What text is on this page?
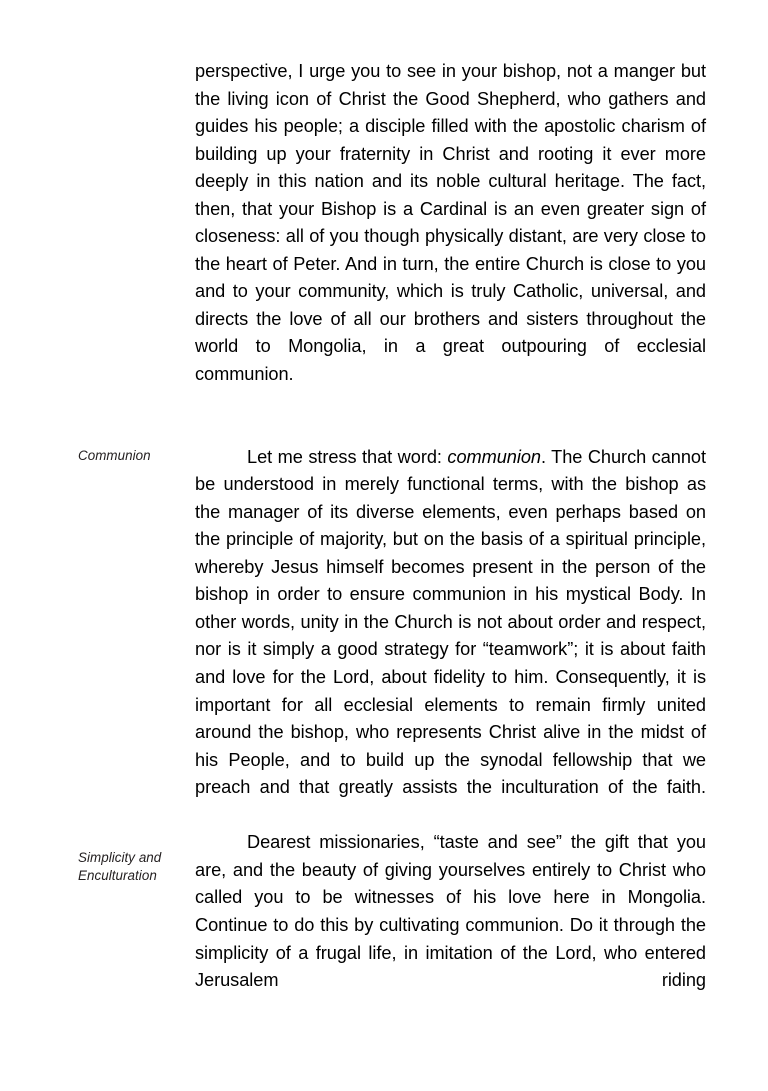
Communion
Simplicity and
Enculturation

perspective, I urge you to see in your bishop, not a manger but the living icon of Christ the Good Shepherd, who gathers and guides his people; a disciple filled with the apostolic charism of building up your fraternity in Christ and rooting it ever more deeply in this nation and its noble cultural heritage. The fact, then, that your Bishop is a Cardinal is an even greater sign of closeness: all of you though physically distant, are very close to the heart of Peter. And in turn, the entire Church is close to you and to your community, which is truly Catholic, universal, and directs the love of all our brothers and sisters throughout the world to Mongolia, in a great outpouring of ecclesial communion.

Let me stress that word: communion. The Church cannot be understood in merely functional terms, with the bishop as the manager of its diverse elements, even perhaps based on the principle of majority, but on the basis of a spiritual principle, whereby Jesus himself becomes present in the person of the bishop in order to ensure communion in his mystical Body. In other words, unity in the Church is not about order and respect, nor is it simply a good strategy for “teamwork”; it is about faith and love for the Lord, about fidelity to him. Consequently, it is important for all ecclesial elements to remain firmly united around the bishop, who represents Christ alive in the midst of his People, and to build up the synodal fellowship that we preach and that greatly assists the inculturation of the faith.

Dearest missionaries, “taste and see” the gift that you are, and the beauty of giving yourselves entirely to Christ who called you to be witnesses of his love here in Mongolia. Continue to do this by cultivating communion. Do it through the simplicity of a frugal life, in imitation of the Lord, who entered Jerusalem riding
